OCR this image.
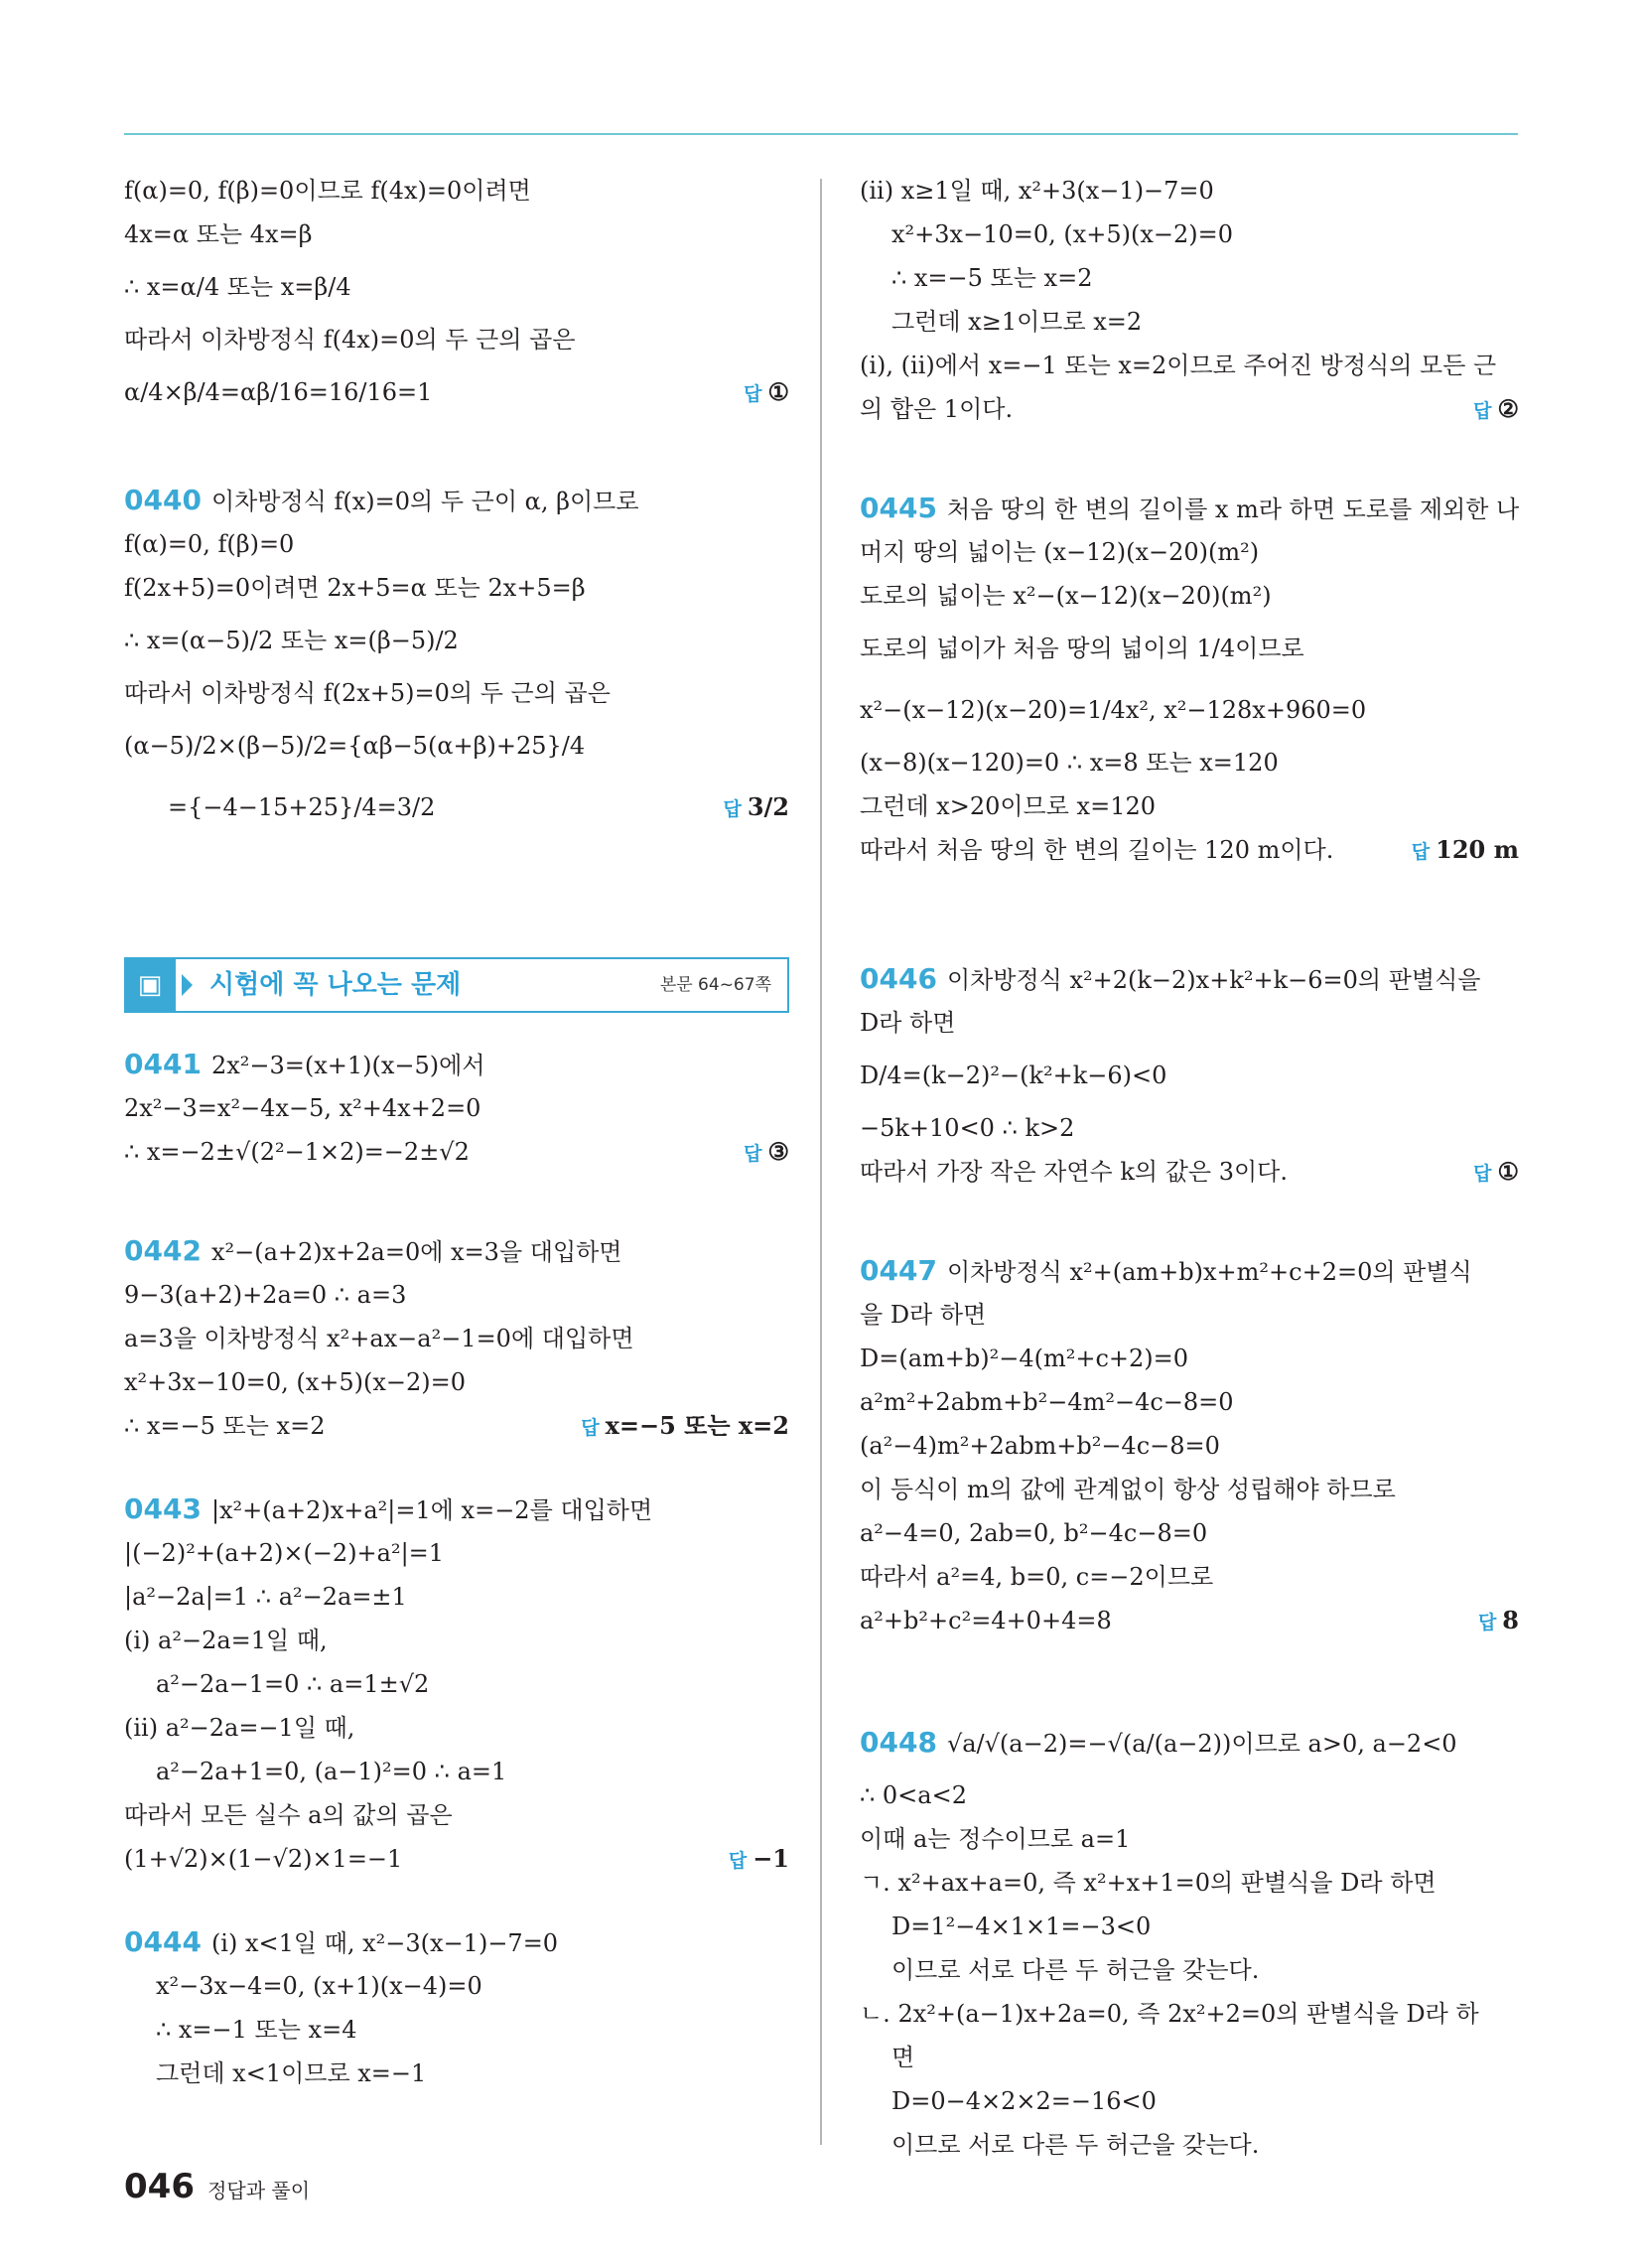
f(α)=0, f(β)=0이므로 f(4x)=0이려면
4x=α 또는 4x=β
∴ x=α/4 또는 x=β/4
따라서 이차방정식 f(4x)=0의 두 근의 곱은
α/4×β/4=αβ/16=16/16=1	답 ①
0440 이차방정식 f(x)=0의 두 근이 α, β이므로
f(α)=0, f(β)=0
f(2x+5)=0이려면 2x+5=α 또는 2x+5=β
∴ x=(α−5)/2 또는 x=(β−5)/2
따라서 이차방정식 f(2x+5)=0의 두 근의 곱은
(α−5)/2×(β−5)/2={αβ−5(α+β)+25}/4
={−4−15+25}/4=3/2	답 3/2
▣	시험에 꼭 나오는 문제	본문 64~67쪽
0441 2x²−3=(x+1)(x−5)에서
2x²−3=x²−4x−5, x²+4x+2=0
∴ x=−2±√(2²−1×2)=−2±√2	답 ③
0442 x²−(a+2)x+2a=0에 x=3을 대입하면
9−3(a+2)+2a=0 ∴ a=3
a=3을 이차방정식 x²+ax−a²−1=0에 대입하면
x²+3x−10=0, (x+5)(x−2)=0
∴ x=−5 또는 x=2	답 x=−5 또는 x=2
0443 |x²+(a+2)x+a²|=1에 x=−2를 대입하면
|(−2)²+(a+2)×(−2)+a²|=1
|a²−2a|=1 ∴ a²−2a=±1
(i) a²−2a=1일 때,
a²−2a−1=0 ∴ a=1±√2
(ii) a²−2a=−1일 때,
a²−2a+1=0, (a−1)²=0 ∴ a=1
따라서 모든 실수 a의 값의 곱은
(1+√2)×(1−√2)×1=−1	답 −1
0444 (i) x<1일 때, x²−3(x−1)−7=0
x²−3x−4=0, (x+1)(x−4)=0
∴ x=−1 또는 x=4
그런데 x<1이므로 x=−1
(ii) x≥1일 때, x²+3(x−1)−7=0
x²+3x−10=0, (x+5)(x−2)=0
∴ x=−5 또는 x=2
그런데 x≥1이므로 x=2
(i), (ii)에서 x=−1 또는 x=2이므로 주어진 방정식의 모든 근
의 합은 1이다.	답 ②
0445 처음 땅의 한 변의 길이를 x m라 하면 도로를 제외한 나
머지 땅의 넓이는 (x−12)(x−20)(m²)
도로의 넓이는 x²−(x−12)(x−20)(m²)
도로의 넓이가 처음 땅의 넓이의 1/4이므로
x²−(x−12)(x−20)=1/4x², x²−128x+960=0
(x−8)(x−120)=0 ∴ x=8 또는 x=120
그런데 x>20이므로 x=120
따라서 처음 땅의 한 변의 길이는 120 m이다.	답 120 m
0446 이차방정식 x²+2(k−2)x+k²+k−6=0의 판별식을
D라 하면
D/4=(k−2)²−(k²+k−6)<0
−5k+10<0 ∴ k>2
따라서 가장 작은 자연수 k의 값은 3이다.	답 ①
0447 이차방정식 x²+(am+b)x+m²+c+2=0의 판별식
을 D라 하면
D=(am+b)²−4(m²+c+2)=0
a²m²+2abm+b²−4m²−4c−8=0
(a²−4)m²+2abm+b²−4c−8=0
이 등식이 m의 값에 관계없이 항상 성립해야 하므로
a²−4=0, 2ab=0, b²−4c−8=0
따라서 a²=4, b=0, c=−2이므로
a²+b²+c²=4+0+4=8	답 8
0448 √a/√(a−2)=−√(a/(a−2))이므로 a>0, a−2<0
∴ 0<a<2
이때 a는 정수이므로 a=1
ㄱ. x²+ax+a=0, 즉 x²+x+1=0의 판별식을 D라 하면
D=1²−4×1×1=−3<0
이므로 서로 다른 두 허근을 갖는다.
ㄴ. 2x²+(a−1)x+2a=0, 즉 2x²+2=0의 판별식을 D라 하
면
D=0−4×2×2=−16<0
이므로 서로 다른 두 허근을 갖는다.
046 정답과 풀이
